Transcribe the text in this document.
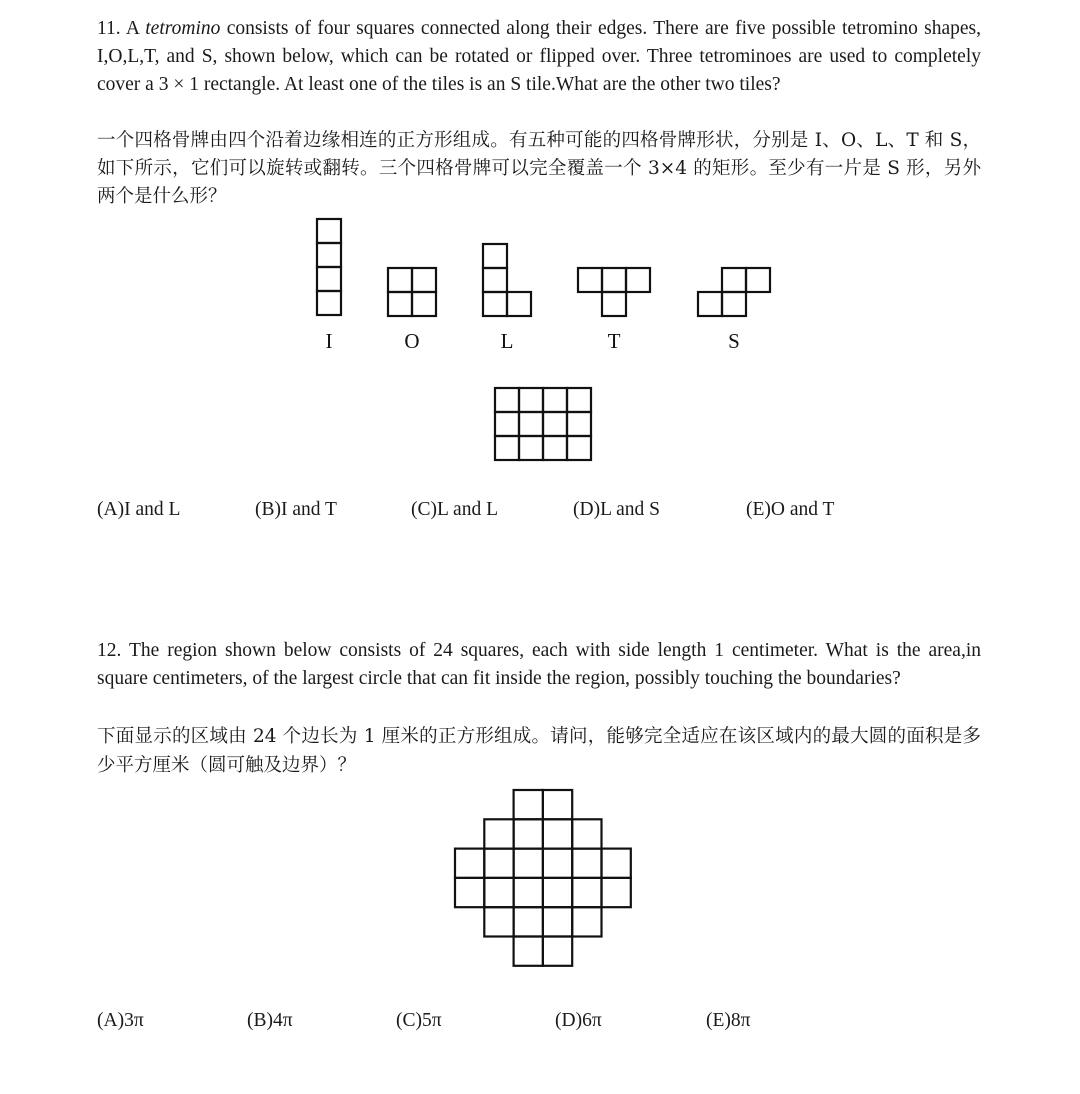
11. A tetromino consists of four squares connected along their edges. There are five possible tetromino shapes, I,O,L,T, and S, shown below, which can be rotated or flipped over. Three tetrominoes are used to completely cover a 3 × 1 rectangle. At least one of the tiles is an S tile.What are the other two tiles?

一个四格骨牌由四个沿着边缘相连的正方形组成。有五种可能的四格骨牌形状，分别是 I、O、L、T 和 S，如下所示，它们可以旋转或翻转。三个四格骨牌可以完全覆盖一个 3×4 的矩形。至少有一片是 S 形，另外两个是什么形？

I	O	L	T	S
(A)I and L	(B)I and T	(C)L and L	(D)L and S	(E)O and T

12. The region shown below consists of 24 squares, each with side length 1 centimeter. What is the area,in square centimeters, of the largest circle that can fit inside the region, possibly touching the boundaries?

下面显示的区域由 24 个边长为 1 厘米的正方形组成。请问，能够完全适应在该区域内的最大圆的面积是多少平方厘米（圆可触及边界）？

(A)3π	(B)4π	(C)5π	(D)6π	(E)8π
